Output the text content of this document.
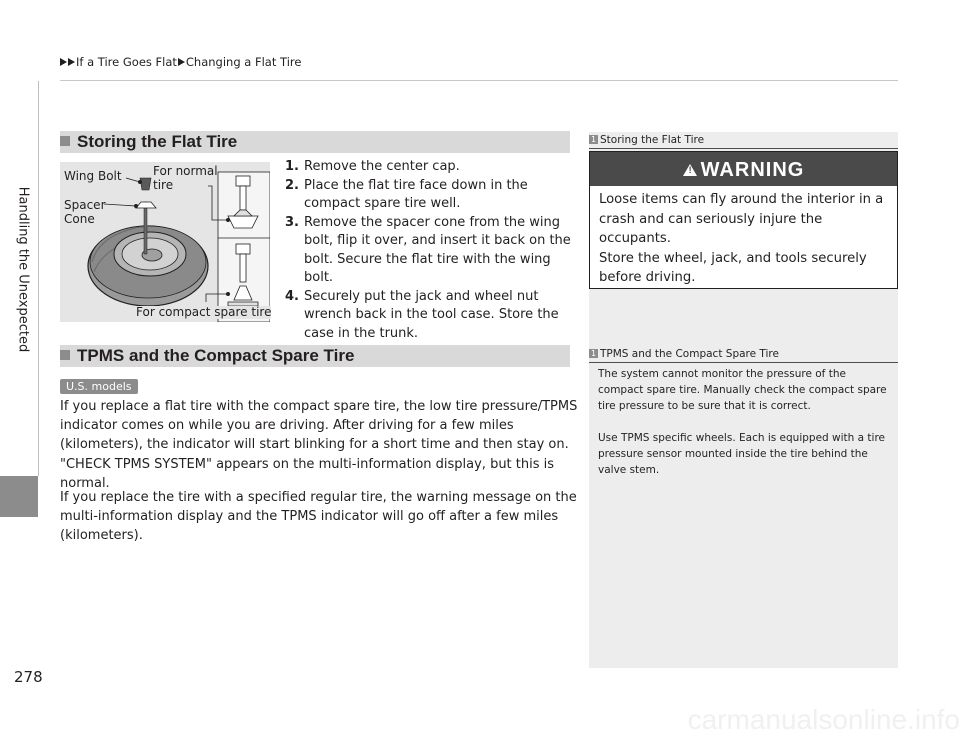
If a Tire Goes Flat Changing a Flat Tire
Handling the Unexpected
278
1 Storing the Flat Tire
! WARNING
Loose items can fly around the interior in a crash and can seriously injure the occupants.
Store the wheel, jack, and tools securely before driving.
1 TPMS and the Compact Spare Tire
The system cannot monitor the pressure of the compact spare tire. Manually check the compact spare tire pressure to be sure that it is correct.
Use TPMS specific wheels. Each is equipped with a tire pressure sensor mounted inside the tire behind the valve stem.
Storing the Flat Tire
Wing Bolt	For normal
tire
Spacer
Cone
For compact spare tire
1. Remove the center cap.
2. Place the flat tire face down in the compact spare tire well.
3. Remove the spacer cone from the wing bolt, flip it over, and insert it back on the bolt. Secure the flat tire with the wing bolt.
4. Securely put the jack and wheel nut wrench back in the tool case. Store the case in the trunk.
TPMS and the Compact Spare Tire
U.S. models
If you replace a flat tire with the compact spare tire, the low tire pressure/TPMS indicator comes on while you are driving. After driving for a few miles (kilometers), the indicator will start blinking for a short time and then stay on. "CHECK TPMS SYSTEM" appears on the multi-information display, but this is normal.
If you replace the tire with a specified regular tire, the warning message on the multi-information display and the TPMS indicator will go off after a few miles (kilometers).
carmanualsonline.info
